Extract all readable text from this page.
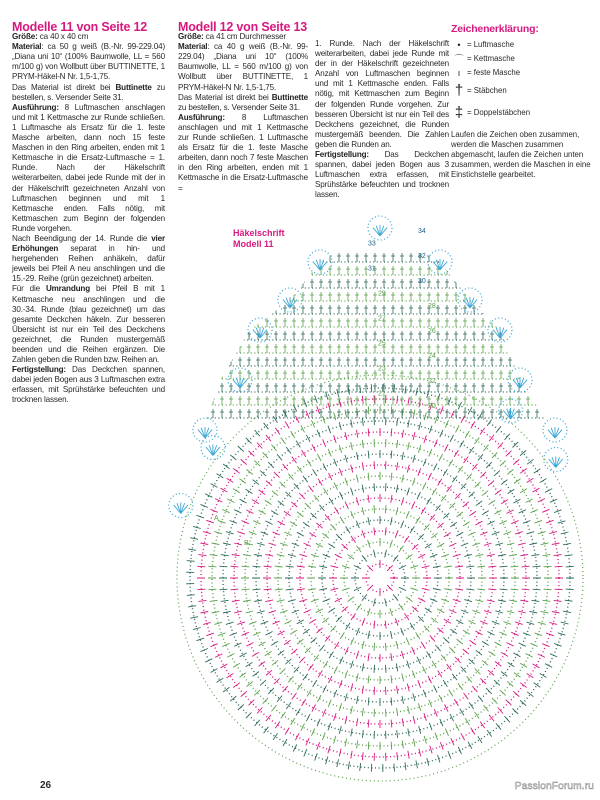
34
33
32
31
30
29
28
27
26
25
24
23
22
21
20
A
B

Modelle 11 von Seite 12

Größe: ca 40 x 40 cm

Material: ca 50 g weiß (B.-Nr. 99-229.04) „Diana uni 10“ (100% Baumwolle, LL = 560 m/100 g) von Wollbutt über BUTTINETTE, 1 PRYM-Häkel-N Nr. 1,5-1,75.

Das Material ist direkt bei Buttinette zu bestellen, s. Versender Seite 31.

Ausführung: 8 Luftmaschen anschlagen und mit 1 Kettmasche zur Runde schließen. 1 Luftmasche als Ersatz für die 1. feste Masche arbeiten, dann noch 15 feste Maschen in den Ring arbeiten, enden mit 1 Kettmasche in die Ersatz-Luftmasche = 1. Runde. Nach der Häkelschrift weiterarbeiten, dabei jede Runde mit der in der Häkelschrift gezeichneten Anzahl von Luftmaschen beginnen und mit 1 Kettmasche enden. Falls nötig, mit Kettmaschen zum Beginn der folgenden Runde vorgehen.

Nach Beendigung der 14. Runde die vier Erhöhungen separat in hin- und hergehenden Reihen anhäkeln, dafür jeweils bei Pfeil A neu anschlingen und die 15.-29. Reihe (grün gezeichnet) arbeiten.

Für die Umrandung bei Pfeil B mit 1 Kettmasche neu anschlingen und die 30.-34. Runde (blau gezeichnet) um das gesamte Deckchen häkeln. Zur besseren Übersicht ist nur ein Teil des Deckchens gezeichnet, die Runden mustergemäß beenden und die Reihen ergänzen. Die Zahlen geben die Runden bzw. Reihen an.

Fertigstellung: Das Deckchen spannen, dabei jeden Bogen aus 3 Luftmaschen extra erfassen, mit Sprühstärke befeuchten und trocknen lassen.

Modell 12 von Seite 13

Größe: ca 41 cm Durchmesser

Material: ca 40 g weiß (B.-Nr. 99-229.04) „Diana uni 10“ (100% Baumwolle, LL = 560 m/100 g) von Wollbutt über BUTTINETTE, 1 PRYM-Häkel-N Nr. 1,5-1,75.

Das Material ist direkt bei Buttinette zu bestellen, s. Versender Seite 31.

Ausführung: 8 Luftmaschen anschlagen und mit 1 Kettmasche zur Runde schließen. 1 Luftmasche als Ersatz für die 1. feste Masche arbeiten, dann noch 7 feste Maschen in den Ring arbeiten, enden mit 1 Kettmasche in die Ersatz-Luftmasche =

1. Runde. Nach der Häkelschrift weiterarbeiten, dabei jede Runde mit der in der Häkelschrift gezeichneten Anzahl von Luftmaschen beginnen und mit 1 Kettmasche enden. Falls nötig, mit Kettmaschen zum Beginn der folgenden Runde vorgehen. Zur besseren Übersicht ist nur ein Teil des Deckchens gezeichnet, die Runden mustergemäß beenden. Die Zahlen geben die Runden an.

Fertigstellung: Das Deckchen spannen, dabei jeden Bogen aus 3 Luftmaschen extra erfassen, mit Sprühstärke befeuchten und trocknen lassen.

Zeichenerklärung:

• = Luftmasche
⌒ = Kettmasche
ı = feste Masche
† = Stäbchen
‡ = Doppelstäbchen

Laufen die Zeichen oben zusammen, werden die Maschen zusammen abgemascht, laufen die Zeichen unten zusammen, werden die Maschen in eine Einstichstelle gearbeitet.

Häkelschrift
Modell 11
26	PassionForum.ru
